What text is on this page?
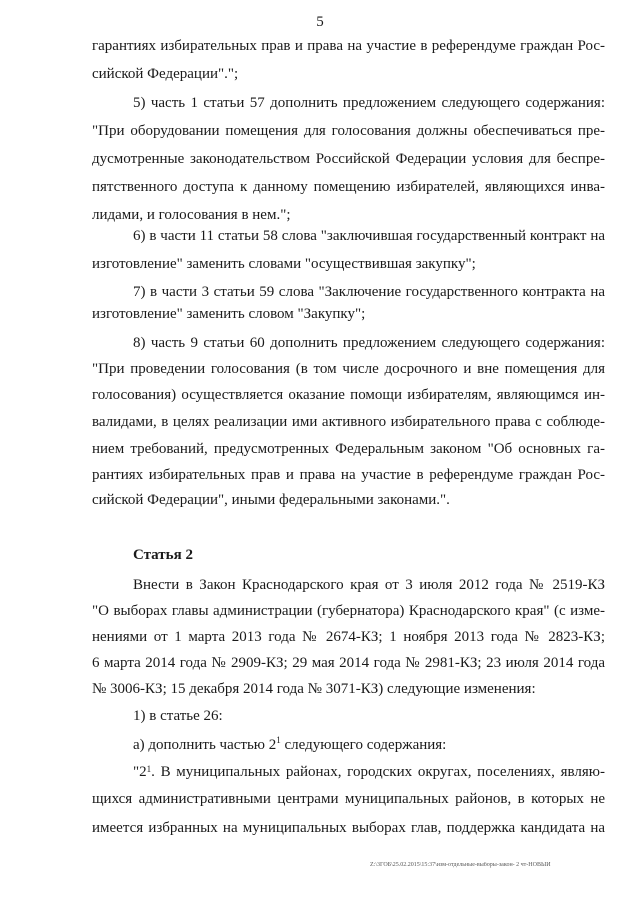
5
гарантиях избирательных прав и права на участие в референдуме граждан Рос-
сийской Федерации".";
5) часть 1 статьи 57 дополнить предложением следующего содержания:
"При оборудовании помещения для голосования должны обеспечиваться пре-
дусмотренные законодательством Российской Федерации условия для беспре-
пятственного доступа к данному помещению избирателей, являющихся инва-
лидами, и голосования в нем.";
6) в части 11 статьи 58 слова "заключившая государственный контракт на
изготовление" заменить словами "осуществившая закупку";
7) в части 3 статьи 59 слова "Заключение государственного контракта на
изготовление" заменить словом "Закупку";
8) часть 9 статьи 60 дополнить предложением следующего содержания:
"При проведении голосования (в том числе досрочного и вне помещения для
голосования) осуществляется оказание помощи избирателям, являющимся ин-
валидами, в целях реализации ими активного избирательного права с соблюде-
нием требований, предусмотренных Федеральным законом "Об основных га-
рантиях избирательных прав и права на участие в референдуме граждан Рос-
сийской Федерации", иными федеральными законами.".
Статья 2
Внести в Закон Краснодарского края от 3 июля 2012 года № 2519-КЗ
"О выборах главы администрации (губернатора) Краснодарского края" (с изме-
нениями от 1 марта 2013 года № 2674-КЗ; 1 ноября 2013 года № 2823-КЗ;
6 марта 2014 года № 2909-КЗ; 29 мая 2014 года № 2981-КЗ; 23 июля 2014 года
№ 3006-КЗ; 15 декабря 2014 года № 3071-КЗ) следующие изменения:
1) в статье 26:
а) дополнить частью $2^1$ следующего содержания:
"2 1 . В муниципальных районах, городских округах, поселениях, являю-
щихся административными центрами муниципальных районов, в которых не
имеется избранных на муниципальных выборах глав, поддержка кандидата на
Z:\3ГОБ\25.02.2015\15:37\изм-отдельные-выборы-закон- 2 чт-НОВЫЙ
